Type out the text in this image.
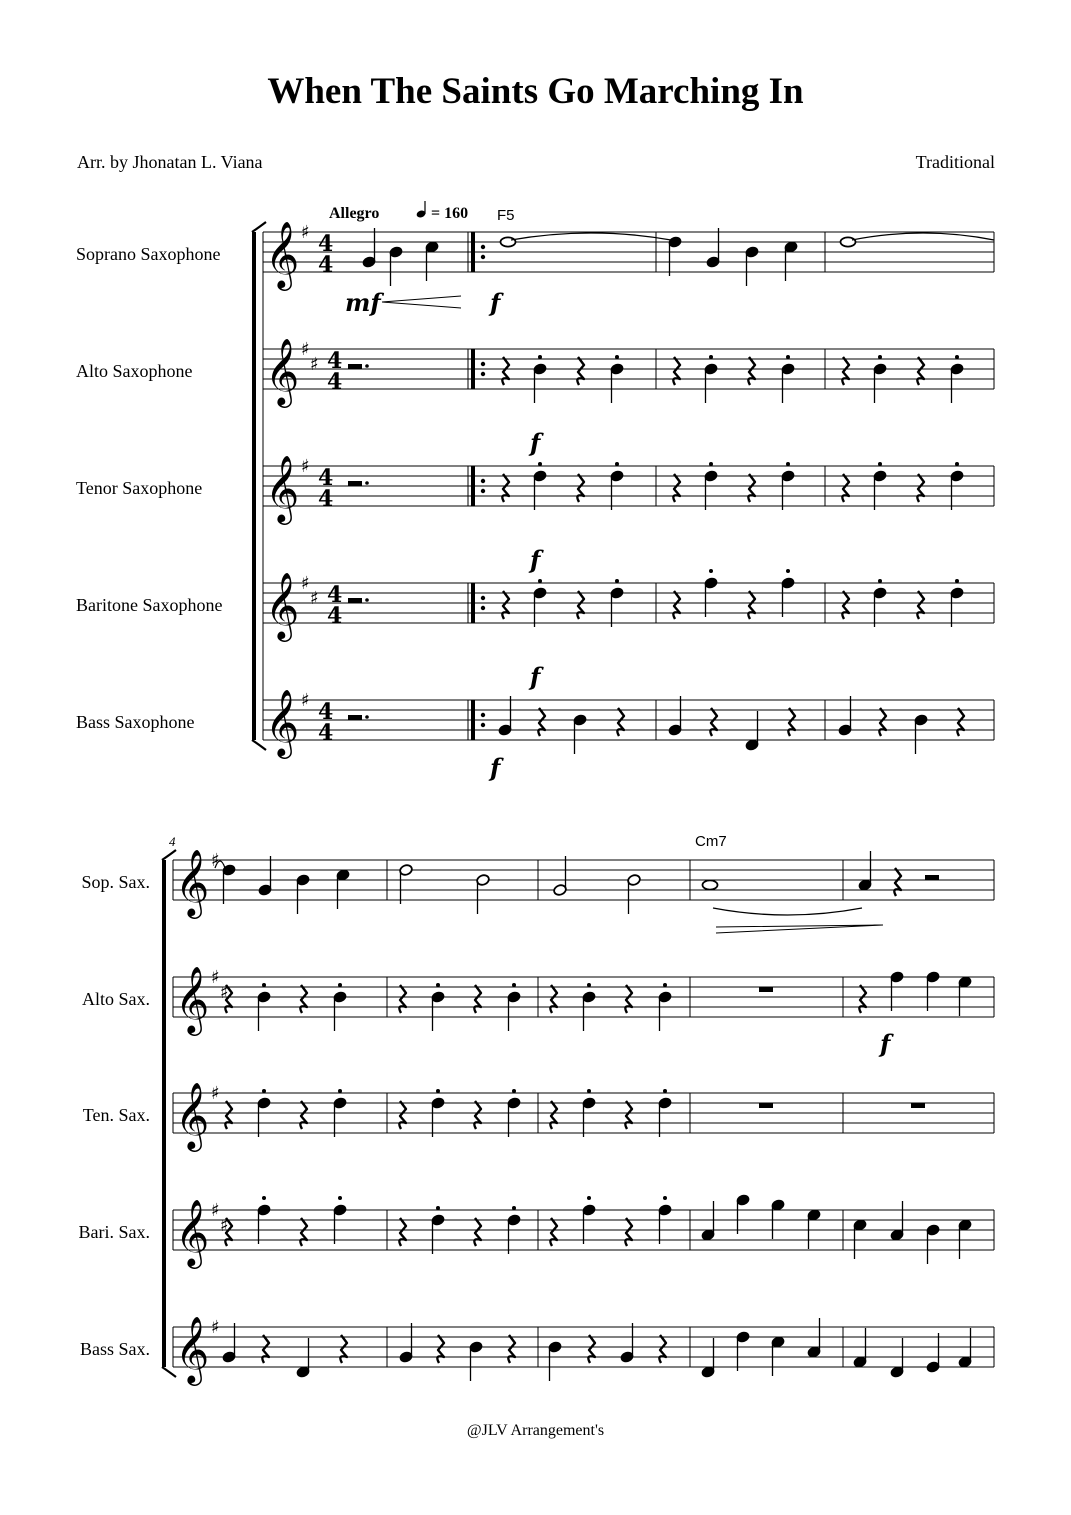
When The Saints Go Marching In
Arr. by Jhonatan L. Viana	Traditional
𝄞 ♯ 4
4
Soprano Saxophone
𝄞 ♯
♯ 4
4
Alto Saxophone
𝄞 ♯ 4
4
Tenor Saxophone
𝄞 ♯
♯ 4
4
Baritone Saxophone
𝄞 ♯ 4
4
Bass Saxophone
Allegro	= 160 F5
mf	f
f
f
f
f
𝄞 ♯
Sop. Sax.
𝄞 ♯
♯
Alto Sax.
𝄞 ♯
Ten. Sax.
𝄞 ♯
♯
Bari. Sax.
𝄞 ♯
Bass Sax.
4	Cm7
f
@JLV Arrangement's
